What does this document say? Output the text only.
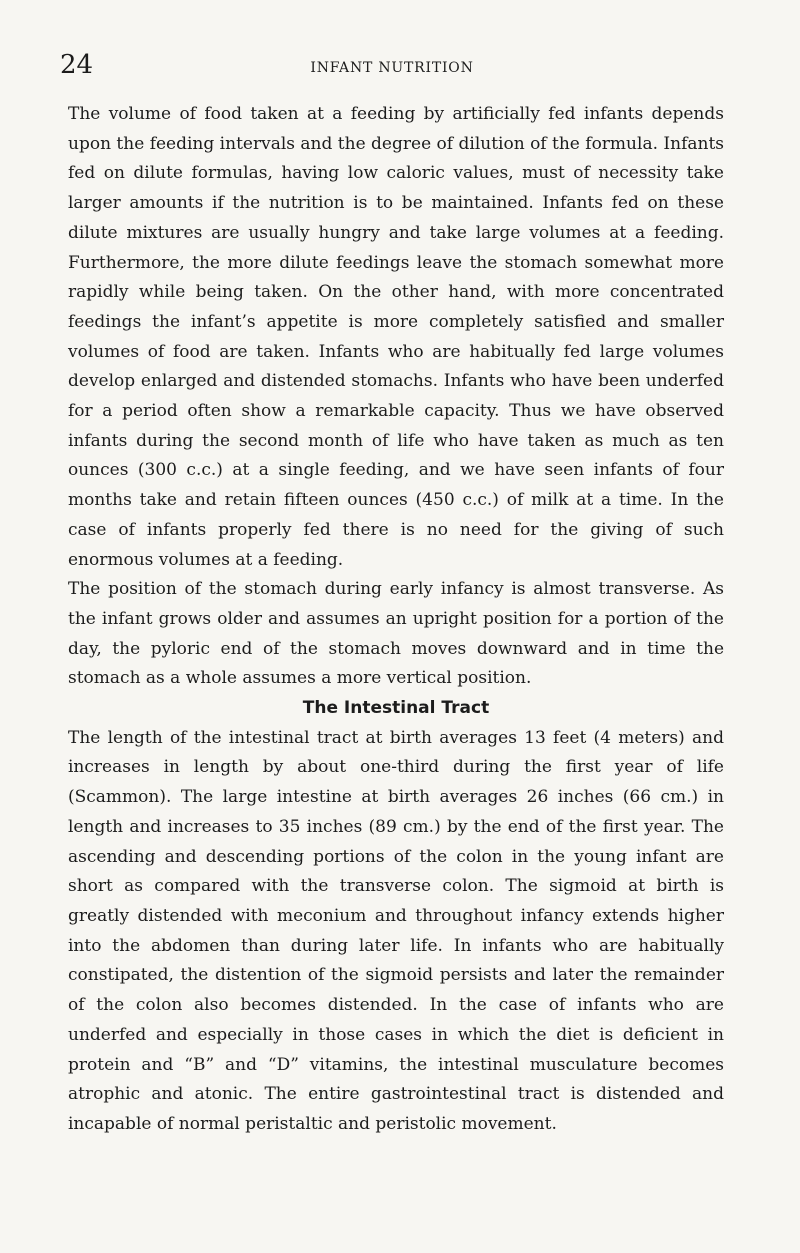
24	INFANT NUTRITION

The volume of food taken at a feeding by artificially fed infants depends upon the feeding intervals and the degree of dilution of the formula. Infants fed on dilute formulas, having low caloric values, must of necessity take larger amounts if the nutrition is to be maintained. Infants fed on these dilute mixtures are usually hungry and take large volumes at a feeding. Furthermore, the more dilute feedings leave the stomach somewhat more rapidly while being taken. On the other hand, with more concentrated feedings the infant’s appetite is more completely satisfied and smaller volumes of food are taken. Infants who are habitually fed large volumes develop enlarged and distended stomachs. Infants who have been underfed for a period often show a remarkable capacity. Thus we have observed infants during the second month of life who have taken as much as ten ounces (300 c.c.) at a single feeding, and we have seen infants of four months take and retain fifteen ounces (450 c.c.) of milk at a time. In the case of infants properly fed there is no need for the giving of such enormous volumes at a feeding.

The position of the stomach during early infancy is almost transverse. As the infant grows older and assumes an upright position for a portion of the day, the pyloric end of the stomach moves downward and in time the stomach as a whole assumes a more vertical position.

The Intestinal Tract

The length of the intestinal tract at birth averages 13 feet (4 meters) and increases in length by about one-third during the first year of life (Scammon). The large intestine at birth averages 26 inches (66 cm.) in length and increases to 35 inches (89 cm.) by the end of the first year. The ascending and descending portions of the colon in the young infant are short as compared with the transverse colon. The sigmoid at birth is greatly distended with meconium and throughout infancy extends higher into the abdomen than during later life. In infants who are habitually constipated, the distention of the sigmoid persists and later the remainder of the colon also becomes distended. In the case of infants who are underfed and especially in those cases in which the diet is deficient in protein and “B” and “D” vitamins, the intestinal musculature becomes atrophic and atonic. The entire gastrointestinal tract is distended and incapable of normal peristaltic and peristolic movement.
